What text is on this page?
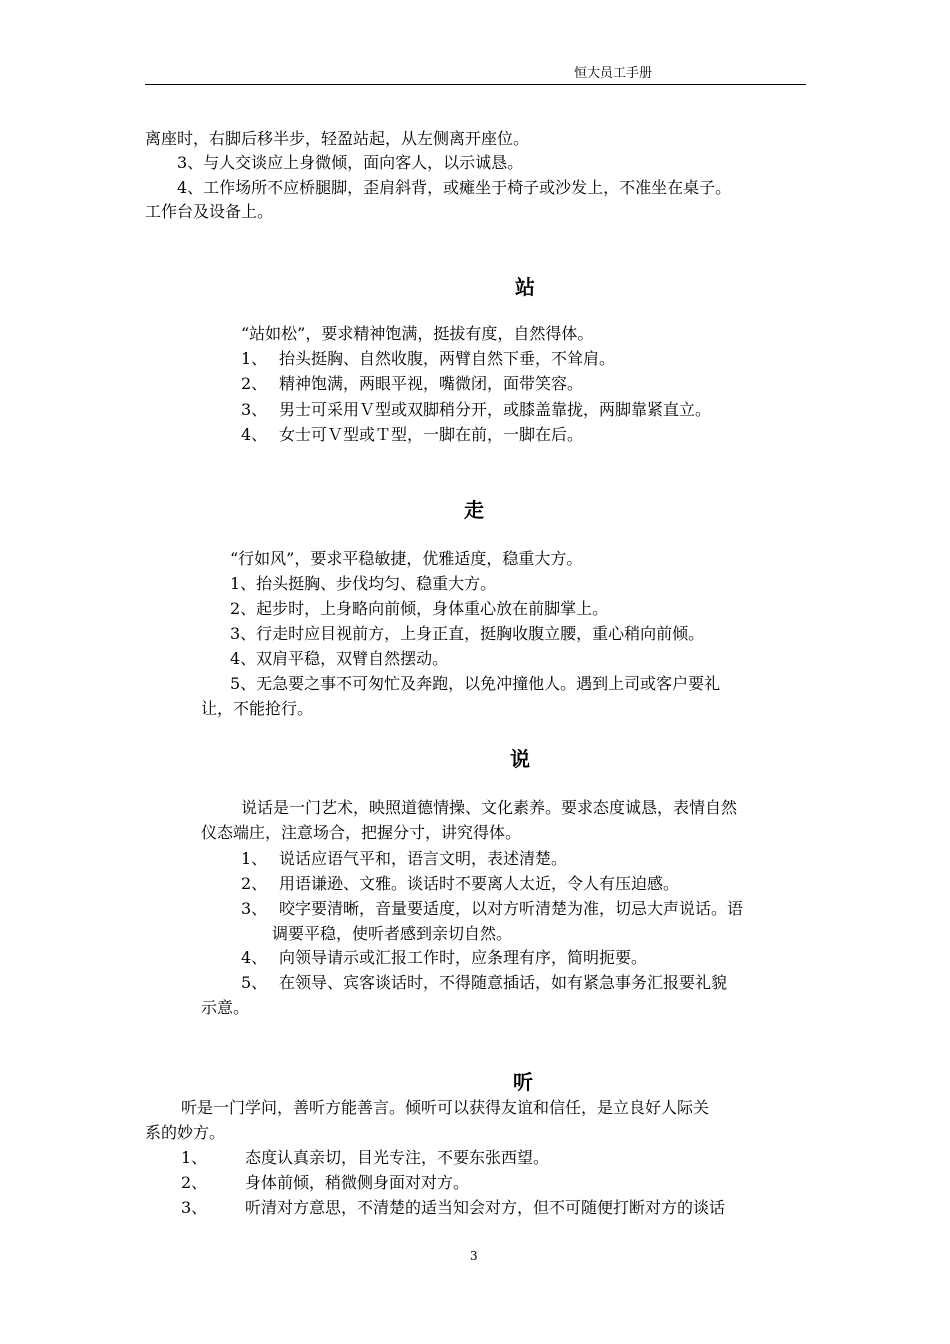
恒大员工手册
离座时，右脚后移半步，轻盈站起，从左侧离开座位。
3、与人交谈应上身微倾，面向客人，以示诚恳。
4、工作场所不应桥腿脚，歪肩斜背，或瘫坐于椅子或沙发上，不准坐在桌子。
工作台及设备上。
站
“站如松”，要求精神饱满，挺拔有度，自然得体。
1、 抬头挺胸、自然收腹，两臂自然下垂，不耸肩。
2、 精神饱满，两眼平视，嘴微闭，面带笑容。
3、 男士可采用Ｖ型或双脚稍分开，或膝盖靠拢，两脚靠紧直立。
4、 女士可Ｖ型或Ｔ型，一脚在前，一脚在后。
走
“行如风”，要求平稳敏捷，优雅适度，稳重大方。
1、抬头挺胸、步伐均匀、稳重大方。
2、起步时，上身略向前倾，身体重心放在前脚掌上。
3、行走时应目视前方，上身正直，挺胸收腹立腰，重心稍向前倾。
4、双肩平稳，双臂自然摆动。
5、无急要之事不可匆忙及奔跑，以免冲撞他人。遇到上司或客户要礼
让，不能抢行。
说
说话是一门艺术，映照道德情操、文化素养。要求态度诚恳，表情自然
仪态端庄，注意场合，把握分寸，讲究得体。
1、 说话应语气平和，语言文明，表述清楚。
2、 用语谦逊、文雅。谈话时不要离人太近，令人有压迫感。
3、 咬字要清晰，音量要适度，以对方听清楚为准，切忌大声说话。语
调要平稳，使听者感到亲切自然。
4、 向领导请示或汇报工作时，应条理有序，简明扼要。
5、 在领导、宾客谈话时，不得随意插话，如有紧急事务汇报要礼貌
示意。
听
听是一门学问，善听方能善言。倾听可以获得友谊和信任，是立良好人际关
系的妙方。
1、 态度认真亲切，目光专注，不要东张西望。
2、 身体前倾，稍微侧身面对对方。
3、 听清对方意思，不清楚的适当知会对方，但不可随便打断对方的谈话
3
